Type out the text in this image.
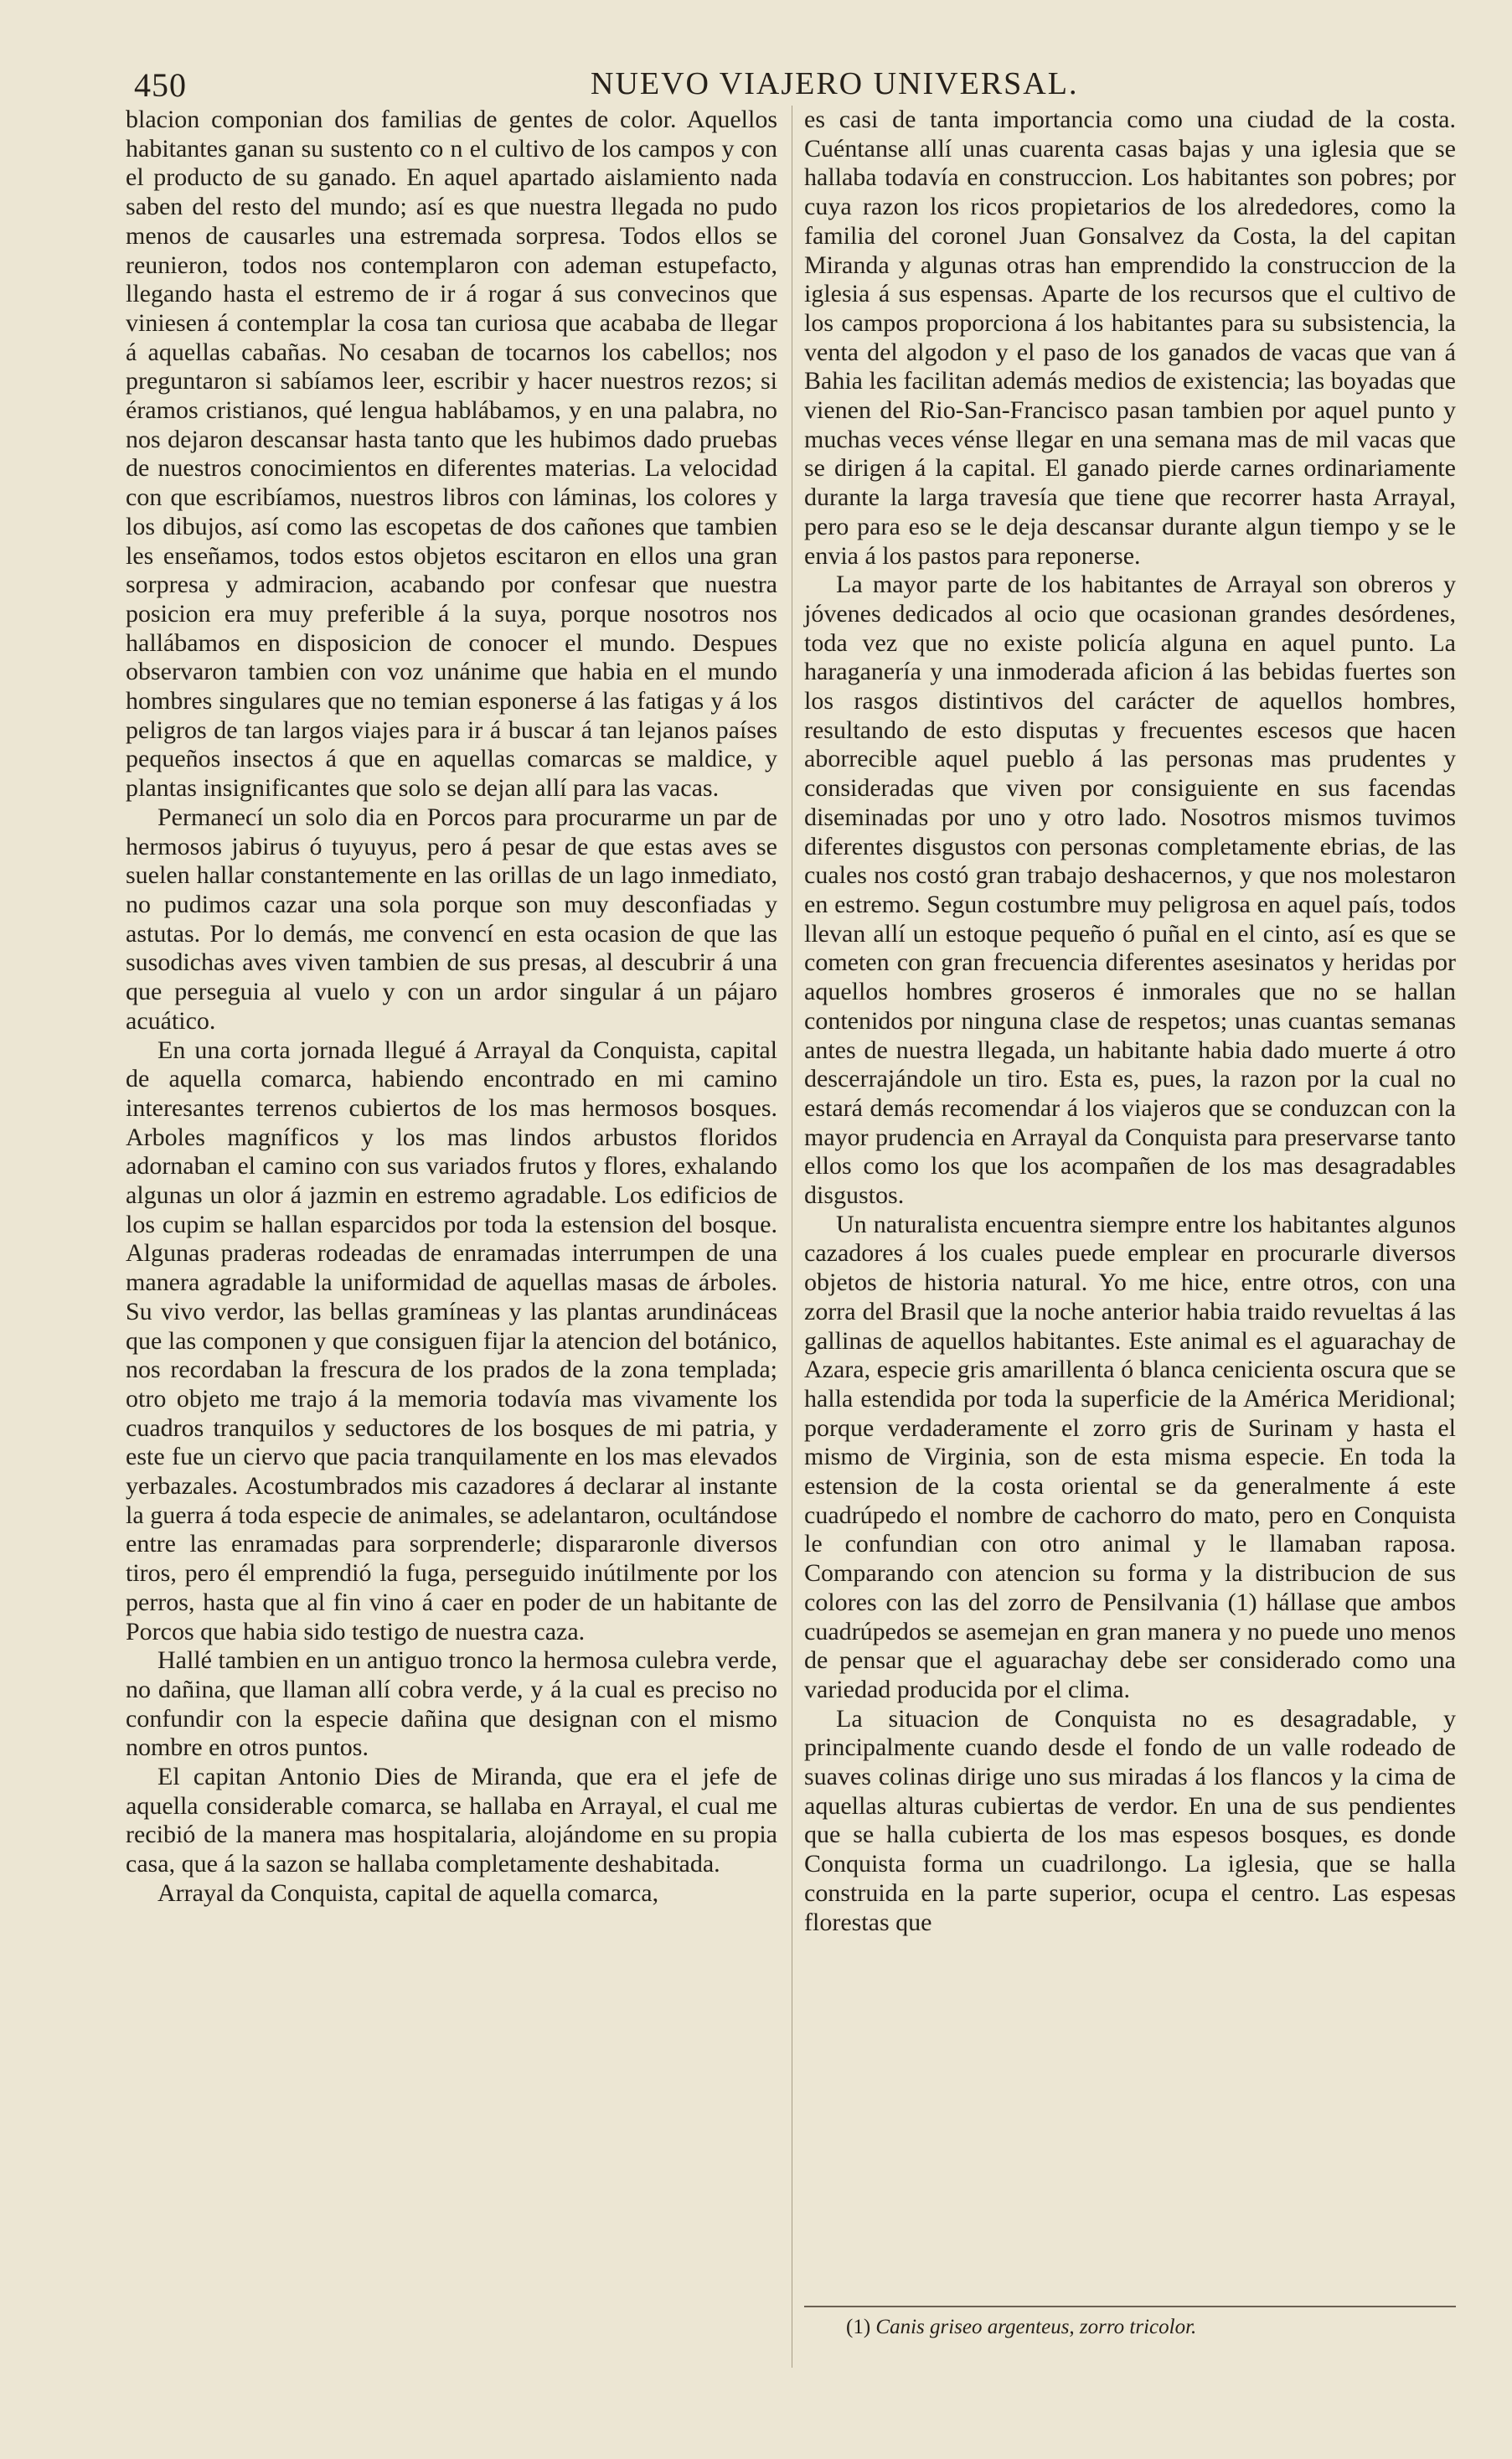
450	NUEVO VIAJERO UNIVERSAL.

blacion componian dos familias de gentes de color. Aquellos habitantes ganan su sustento co n el cultivo de los campos y con el producto de su ganado. En aquel apartado aislamiento nada saben del resto del mundo; así es que nuestra llegada no pudo menos de causarles una estremada sorpresa. Todos ellos se reunieron, todos nos contemplaron con ademan estupefacto, llegando hasta el estremo de ir á rogar á sus convecinos que viniesen á contemplar la cosa tan curiosa que acababa de llegar á aquellas cabañas. No cesaban de tocarnos los cabellos; nos preguntaron si sabíamos leer, escribir y hacer nuestros rezos; si éramos cristianos, qué lengua hablábamos, y en una palabra, no nos dejaron descansar hasta tanto que les hubimos dado pruebas de nuestros conocimientos en diferentes materias. La velocidad con que escribíamos, nuestros libros con láminas, los colores y los dibujos, así como las escopetas de dos cañones que tambien les enseñamos, todos estos objetos escitaron en ellos una gran sorpresa y admiracion, acabando por confesar que nuestra posicion era muy preferible á la suya, porque nosotros nos hallábamos en disposicion de conocer el mundo. Despues observaron tambien con voz unánime que habia en el mundo hombres singulares que no temian esponerse á las fatigas y á los peligros de tan largos viajes para ir á buscar á tan lejanos países pequeños insectos á que en aquellas comarcas se maldice, y plantas insignificantes que solo se dejan allí para las vacas.

Permanecí un solo dia en Porcos para procurarme un par de hermosos jabirus ó tuyuyus, pero á pesar de que estas aves se suelen hallar constantemente en las orillas de un lago inmediato, no pudimos cazar una sola porque son muy desconfiadas y astutas. Por lo demás, me convencí en esta ocasion de que las susodichas aves viven tambien de sus presas, al descubrir á una que perseguia al vuelo y con un ardor singular á un pájaro acuático.

En una corta jornada llegué á Arrayal da Conquista, capital de aquella comarca, habiendo encontrado en mi camino interesantes terrenos cubiertos de los mas hermosos bosques. Arboles magníficos y los mas lindos arbustos floridos adornaban el camino con sus variados frutos y flores, exhalando algunas un olor á jazmin en estremo agradable. Los edificios de los cupim se hallan esparcidos por toda la estension del bosque. Algunas praderas rodeadas de enramadas interrumpen de una manera agradable la uniformidad de aquellas masas de árboles. Su vivo verdor, las bellas gramíneas y las plantas arundináceas que las componen y que consiguen fijar la atencion del botánico, nos recordaban la frescura de los prados de la zona templada; otro objeto me trajo á la memoria todavía mas vivamente los cuadros tranquilos y seductores de los bosques de mi patria, y este fue un ciervo que pacia tranquilamente en los mas elevados yerbazales. Acostumbrados mis cazadores á declarar al instante la guerra á toda especie de animales, se adelantaron, ocultándose entre las enramadas para sorprenderle; dispararonle diversos tiros, pero él emprendió la fuga, perseguido inútilmente por los perros, hasta que al fin vino á caer en poder de un habitante de Porcos que habia sido testigo de nuestra caza.

Hallé tambien en un antiguo tronco la hermosa culebra verde, no dañina, que llaman allí cobra verde, y á la cual es preciso no confundir con la especie dañina que designan con el mismo nombre en otros puntos.

El capitan Antonio Dies de Miranda, que era el jefe de aquella considerable comarca, se hallaba en Arrayal, el cual me recibió de la manera mas hospitalaria, alojándome en su propia casa, que á la sazon se hallaba completamente deshabitada.

Arrayal da Conquista, capital de aquella comarca,

es casi de tanta importancia como una ciudad de la costa. Cuéntanse allí unas cuarenta casas bajas y una iglesia que se hallaba todavía en construccion. Los habitantes son pobres; por cuya razon los ricos propietarios de los alrededores, como la familia del coronel Juan Gonsalvez da Costa, la del capitan Miranda y algunas otras han emprendido la construccion de la iglesia á sus espensas. Aparte de los recursos que el cultivo de los campos proporciona á los habitantes para su subsistencia, la venta del algodon y el paso de los ganados de vacas que van á Bahia les facilitan además medios de existencia; las boyadas que vienen del Rio-San-Francisco pasan tambien por aquel punto y muchas veces vénse llegar en una semana mas de mil vacas que se dirigen á la capital. El ganado pierde carnes ordinariamente durante la larga travesía que tiene que recorrer hasta Arrayal, pero para eso se le deja descansar durante algun tiempo y se le envia á los pastos para reponerse.

La mayor parte de los habitantes de Arrayal son obreros y jóvenes dedicados al ocio que ocasionan grandes desórdenes, toda vez que no existe policía alguna en aquel punto. La haraganería y una inmoderada aficion á las bebidas fuertes son los rasgos distintivos del carácter de aquellos hombres, resultando de esto disputas y frecuentes escesos que hacen aborrecible aquel pueblo á las personas mas prudentes y consideradas que viven por consiguiente en sus facendas diseminadas por uno y otro lado. Nosotros mismos tuvimos diferentes disgustos con personas completamente ebrias, de las cuales nos costó gran trabajo deshacernos, y que nos molestaron en estremo. Segun costumbre muy peligrosa en aquel país, todos llevan allí un estoque pequeño ó puñal en el cinto, así es que se cometen con gran frecuencia diferentes asesinatos y heridas por aquellos hombres groseros é inmorales que no se hallan contenidos por ninguna clase de respetos; unas cuantas semanas antes de nuestra llegada, un habitante habia dado muerte á otro descerrajándole un tiro. Esta es, pues, la razon por la cual no estará demás recomendar á los viajeros que se conduzcan con la mayor prudencia en Arrayal da Conquista para preservarse tanto ellos como los que los acompañen de los mas desagradables disgustos.

Un naturalista encuentra siempre entre los habitantes algunos cazadores á los cuales puede emplear en procurarle diversos objetos de historia natural. Yo me hice, entre otros, con una zorra del Brasil que la noche anterior habia traido revueltas á las gallinas de aquellos habitantes. Este animal es el aguarachay de Azara, especie gris amarillenta ó blanca cenicienta oscura que se halla estendida por toda la superficie de la América Meridional; porque verdaderamente el zorro gris de Surinam y hasta el mismo de Virginia, son de esta misma especie. En toda la estension de la costa oriental se da generalmente á este cuadrúpedo el nombre de cachorro do mato, pero en Conquista le confundian con otro animal y le llamaban raposa. Comparando con atencion su forma y la distribucion de sus colores con las del zorro de Pensilvania (1) hállase que ambos cuadrúpedos se asemejan en gran manera y no puede uno menos de pensar que el aguarachay debe ser considerado como una variedad producida por el clima.

La situacion de Conquista no es desagradable, y principalmente cuando desde el fondo de un valle rodeado de suaves colinas dirige uno sus miradas á los flancos y la cima de aquellas alturas cubiertas de verdor. En una de sus pendientes que se halla cubierta de los mas espesos bosques, es donde Conquista forma un cuadrilongo. La iglesia, que se halla construida en la parte superior, ocupa el centro. Las espesas florestas que

(1) Canis griseo argenteus, zorro tricolor.
